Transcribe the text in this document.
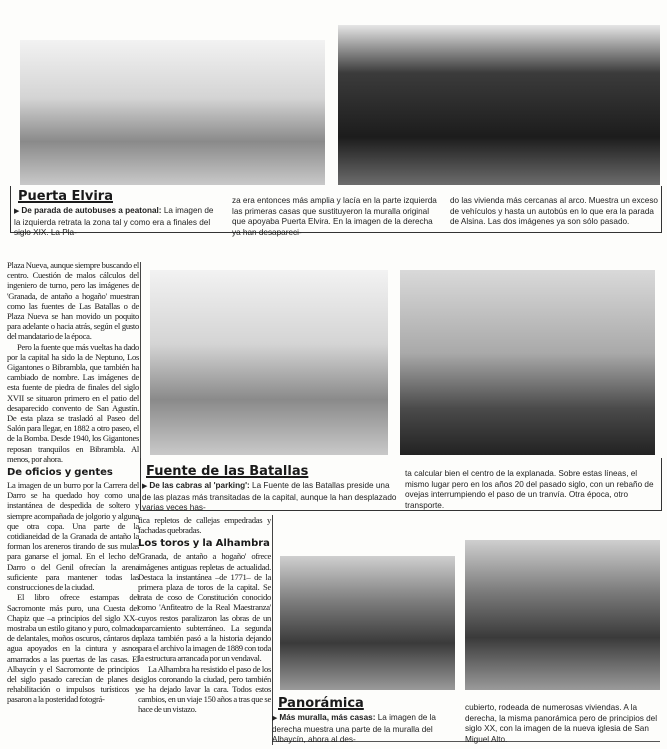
Puerta Elvira
▶ De parada de autobuses a peatonal: La imagen de la izquierda retrata la zona tal y como era a finales del siglo XIX. La Pla-
za era entonces más amplia y lacía en la parte izquierda las primeras casas que sustituyeron la muralla original que apoyaba Puerta Elvira. En la imagen de la derecha ya han desapareci-
do las vivienda más cercanas al arco. Muestra un exceso de vehículos y hasta un autobús en lo que era la parada de Alsina. Las dos imágenes ya son sólo pasado.

Plaza Nueva, aunque siempre buscando el centro. Cuestión de malos cálculos del ingeniero de turno, pero las imágenes de 'Granada, de antaño a hogaño' muestran como las fuentes de Las Batallas o de Plaza Nueva se han movido un poquito para adelante o hacia atrás, según el gusto del mandatario de la época.

Pero la fuente que más vueltas ha dado por la capital ha sido la de Neptuno, Los Gigantones o Bibrambla, que también ha cambiado de nombre. Las imágenes de esta fuente de piedra de finales del siglo XVII se situaron primero en el patio del desaparecido convento de San Agustín. De esta plaza se trasladó al Paseo del Salón para llegar, en 1882 a otro paseo, el de la Bomba. Desde 1940, los Gigantones reposan tranquilos en Bibrambla. Al menos, por ahora.

De oficios y gentes

La imagen de un burro por la Carrera del Darro se ha quedado hoy como una instantánea de despedida de soltero y siempre acompañada de jolgorio y alguna que otra copa. Una parte de la cotidianeidad de la Granada de antaño la forman los areneros tirando de sus mulas para ganarse el jornal. En el lecho del Darro o del Genil ofrecían la arena suficiente para mantener todas las construcciones de la ciudad.

El libro ofrece estampas del Sacromonte más puro, una Cuesta del Chapiz que –a principios del siglo XX– mostraba un estilo gitano y puro, colmado de delantales, moños oscuros, cántaros de agua apoyados en la cintura y asnos amarrados a las puertas de las casas. El Albaycín y el Sacromonte de principios del siglo pasado carecían de planes de rehabilitación o impulsos turísticos y pasaron a la posteridad fotográ-

Fuente de las Batallas
▶ De las cabras al 'parking': La Fuente de las Batallas preside una de las plazas más transitadas de la capital, aunque la han desplazado varias veces has-
ta calcular bien el centro de la explanada. Sobre estas líneas, el mismo lugar pero en los años 20 del pasado siglo, con un rebaño de ovejas interrumpiendo el paso de un tranvía. Otra época, otro transporte.

fica repletos de callejas empedradas y fachadas quebradas.

Los toros y la Alhambra

'Granada, de antaño a hogaño' ofrece imágenes antiguas repletas de actualidad. Destaca la instantánea –de 1771– de la primera plaza de toros de la capital. Se trata de coso de Constitución conocido como 'Anfiteatro de la Real Maestranza' cuyos restos paralizaron las obras de un aparcamiento subterráneo. La segunda plaza también pasó a la historia dejando para el archivo la imagen de 1889 con toda la estructura arrancada por un vendaval.

La Alhambra ha resistido el paso de los siglos coronando la ciudad, pero también se ha dejado lavar la cara. Todos estos cambios, en un viaje 150 años a tras que se hace de un vistazo.	Panorámica
▶ Más muralla, más casas: La imagen de la derecha muestra una parte de la muralla del Albaycín, ahora al des-
cubierto, rodeada de numerosas viviendas. A la derecha, la misma panorámica pero de principios del siglo XX, con la imagen de la nueva iglesia de San Miguel Alto.
